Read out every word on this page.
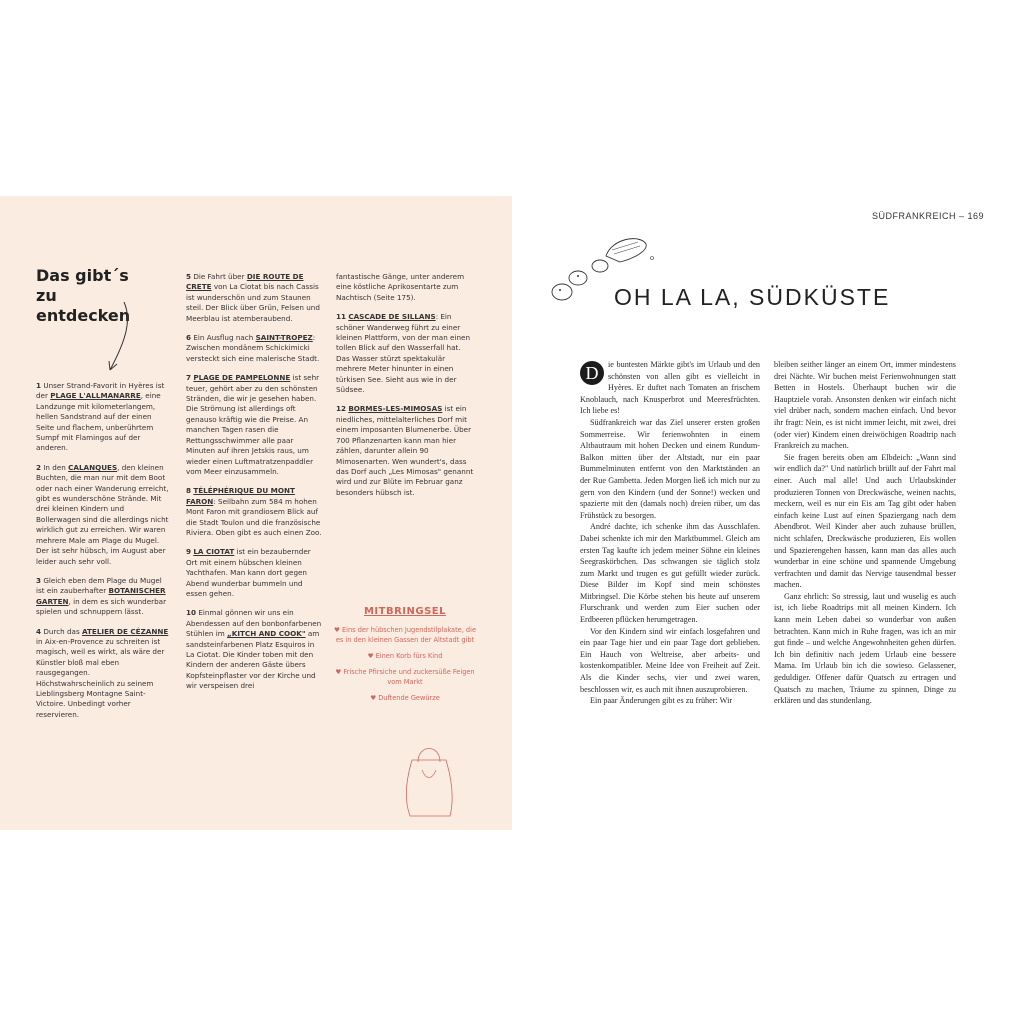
SÜDFRANKREICH – 169
Das gibt´s
zu entdecken

1 Unser Strand-Favorit in Hyères ist der PLAGE L'ALLMANARRE, eine Landzunge mit kilometerlangem, hellen Sandstrand auf der einen Seite und flachem, unberührtem Sumpf mit Flamingos auf der anderen.

2 In den CALANQUES, den kleinen Buchten, die man nur mit dem Boot oder nach einer Wanderung erreicht, gibt es wunderschöne Strände. Mit drei kleinen Kindern und Bollerwagen sind die allerdings nicht wirklich gut zu erreichen. Wir waren mehrere Male am Plage du Mugel. Der ist sehr hübsch, im August aber leider auch sehr voll.

3 Gleich eben dem Plage du Mugel ist ein zauberhafter BOTANISCHER GARTEN, in dem es sich wunderbar spielen und schnuppern lässt.

4 Durch das ATELIER DE CÉZANNE in Aix-en-Provence zu schreiten ist magisch, weil es wirkt, als wäre der Künstler bloß mal eben rausgegangen. Höchstwahrscheinlich zu seinem Lieblingsberg Montagne Saint-Victoire. Unbedingt vorher reservieren.

5 Die Fahrt über DIE ROUTE DE CRETE von La Ciotat bis nach Cassis ist wunderschön und zum Staunen steil. Der Blick über Grün, Felsen und Meerblau ist atemberaubend.

6 Ein Ausflug nach SAINT-TROPEZ: Zwischen mondänem Schickimicki versteckt sich eine malerische Stadt.

7 PLAGE DE PAMPELONNE ist sehr teuer, gehört aber zu den schönsten Stränden, die wir je gesehen haben. Die Strömung ist allerdings oft genauso kräftig wie die Preise. An manchen Tagen rasen die Rettungsschwimmer alle paar Minuten auf ihren Jetskis raus, um wieder einen Luftmatratzenpaddler vom Meer einzusammeln.

8 TÉLÉPHÉRIQUE DU MONT FARON: Seilbahn zum 584 m hohen Mont Faron mit grandiosem Blick auf die Stadt Toulon und die französische Riviera. Oben gibt es auch einen Zoo.

9 LA CIOTAT ist ein bezaubernder Ort mit einem hübschen kleinen Yachthafen. Man kann dort gegen Abend wunderbar bummeln und essen gehen.

10 Einmal gönnen wir uns ein Abendessen auf den bonbonfarbenen Stühlen im „KITCH AND COOK" am sandsteinfarbenen Platz Esquiros in La Ciotat. Die Kinder toben mit den Kindern der anderen Gäste übers Kopfsteinpflaster vor der Kirche und wir verspeisen drei

fantastische Gänge, unter anderem eine köstliche Aprikosentarte zum Nachtisch (Seite 175).

11 CASCADE DE SILLANS: Ein schöner Wanderweg führt zu einer kleinen Plattform, von der man einen tollen Blick auf den Wasserfall hat. Das Wasser stürzt spektakulär mehrere Meter hinunter in einen türkisen See. Sieht aus wie in der Südsee.

12 BORMES-LES-MIMOSAS ist ein niedliches, mittelalterliches Dorf mit einem imposanten Blumenerbe. Über 700 Pflanzenarten kann man hier zählen, darunter allein 90 Mimosenarten. Wen wundert's, dass das Dorf auch „Les Mimosas" genannt wird und zur Blüte im Februar ganz besonders hübsch ist.

MITBRINGSEL
♥ Eins der hübschen Jugendstilplakate, die es in den kleinen Gassen der Altstadt gibt
♥ Einen Korb fürs Kind
♥ Frische Pfirsiche und zuckersüße Feigen vom Markt
♥ Duftende Gewürze
OH LA LA, SÜDKÜSTE

D	ie buntesten Märkte gibt's im Urlaub und den schönsten von allen gibt es vielleicht in Hyères. Er duftet nach Tomaten an frischem Knoblauch, nach Knusperbrot und Meeresfrüchten. Ich liebe es!

Südfrankreich war das Ziel unserer ersten großen Sommerreise. Wir ferienwohnten in einem Altbautraum mit hohen Decken und einem Rundum-Balkon mitten über der Altstadt, nur ein paar Bummelminuten entfernt von den Marktständen an der Rue Gambetta. Jeden Morgen ließ ich mich nur zu gern von den Kindern (und der Sonne!) wecken und spazierte mit den (damals noch) dreien rüber, um das Frühstück zu besorgen.

André dachte, ich schenke ihm das Ausschlafen. Dabei schenkte ich mir den Marktbummel. Gleich am ersten Tag kaufte ich jedem meiner Söhne ein kleines Seegraskörbchen. Das schwangen sie täglich stolz zum Markt und trugen es gut gefüllt wieder zurück. Diese Bilder im Kopf sind mein schönstes Mitbringsel. Die Körbe stehen bis heute auf unserem Flurschrank und werden zum Eier suchen oder Erdbeeren pflücken herumgetragen.

Vor den Kindern sind wir einfach losgefahren und ein paar Tage hier und ein paar Tage dort geblieben. Ein Hauch von Weltreise, aber arbeits- und kostenkompatibler. Meine Idee von Freiheit auf Zeit. Als die Kinder sechs, vier und zwei waren, beschlossen wir, es auch mit ihnen auszuprobieren.

Ein paar Änderungen gibt es zu früher: Wir

bleiben seither länger an einem Ort, immer mindestens drei Nächte. Wir buchen meist Ferienwohnungen statt Betten in Hostels. Überhaupt buchen wir die Hauptziele vorab. Ansonsten denken wir einfach nicht viel drüber nach, sondern machen einfach. Und bevor ihr fragt: Nein, es ist nicht immer leicht, mit zwei, drei (oder vier) Kindern einen dreiwöchigen Roadtrip nach Frankreich zu machen.

Sie fragen bereits oben am Elbdeich: „Wann sind wir endlich da?" Und natürlich brüllt auf der Fahrt mal einer. Auch mal alle! Und auch Urlaubskinder produzieren Tonnen von Dreckwäsche, weinen nachts, meckern, weil es nur ein Eis am Tag gibt oder haben einfach keine Lust auf einen Spaziergang nach dem Abendbrot. Weil Kinder aber auch zuhause brüllen, nicht schlafen, Dreckwäsche produzieren, Eis wollen und Spazierengehen hassen, kann man das alles auch wunderbar in eine schöne und spannende Umgebung verfrachten und damit das Nervige tausendmal besser machen.

Ganz ehrlich: So stressig, laut und wuselig es auch ist, ich liebe Roadtrips mit all meinen Kindern. Ich kann mein Leben dabei so wunderbar von außen betrachten. Kann mich in Ruhe fragen, was ich an mir gut finde – und welche Angewohnheiten gehen dürfen. Ich bin definitiv nach jedem Urlaub eine bessere Mama. Im Urlaub bin ich die sowieso. Gelassener, geduldiger. Offener dafür Quatsch zu ertragen und Quatsch zu machen, Träume zu spinnen, Dinge zu erklären und das stundenlang.
